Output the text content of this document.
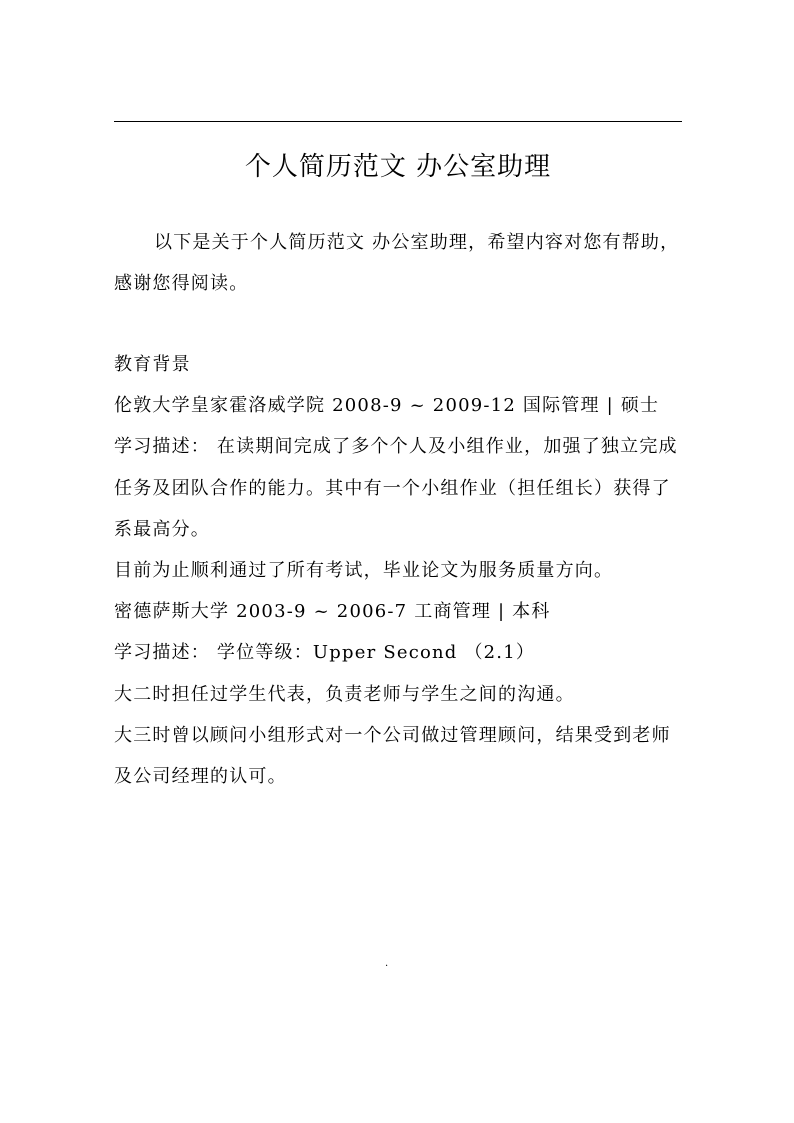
个人简历范文 办公室助理
以下是关于个人简历范文 办公室助理，希望内容对您有帮助，感谢您得阅读。

教育背景

伦敦大学皇家霍洛威学院 2008-9 ~ 2009-12 国际管理 | 硕士

学习描述： 在读期间完成了多个个人及小组作业，加强了独立完成任务及团队合作的能力。其中有一个小组作业（担任组长）获得了系最高分。

目前为止顺利通过了所有考试，毕业论文为服务质量方向。

密德萨斯大学 2003-9 ~ 2006-7 工商管理 | 本科

学习描述： 学位等级：Upper Second （2.1）

大二时担任过学生代表，负责老师与学生之间的沟通。

大三时曾以顾问小组形式对一个公司做过管理顾问，结果受到老师及公司经理的认可。

.
